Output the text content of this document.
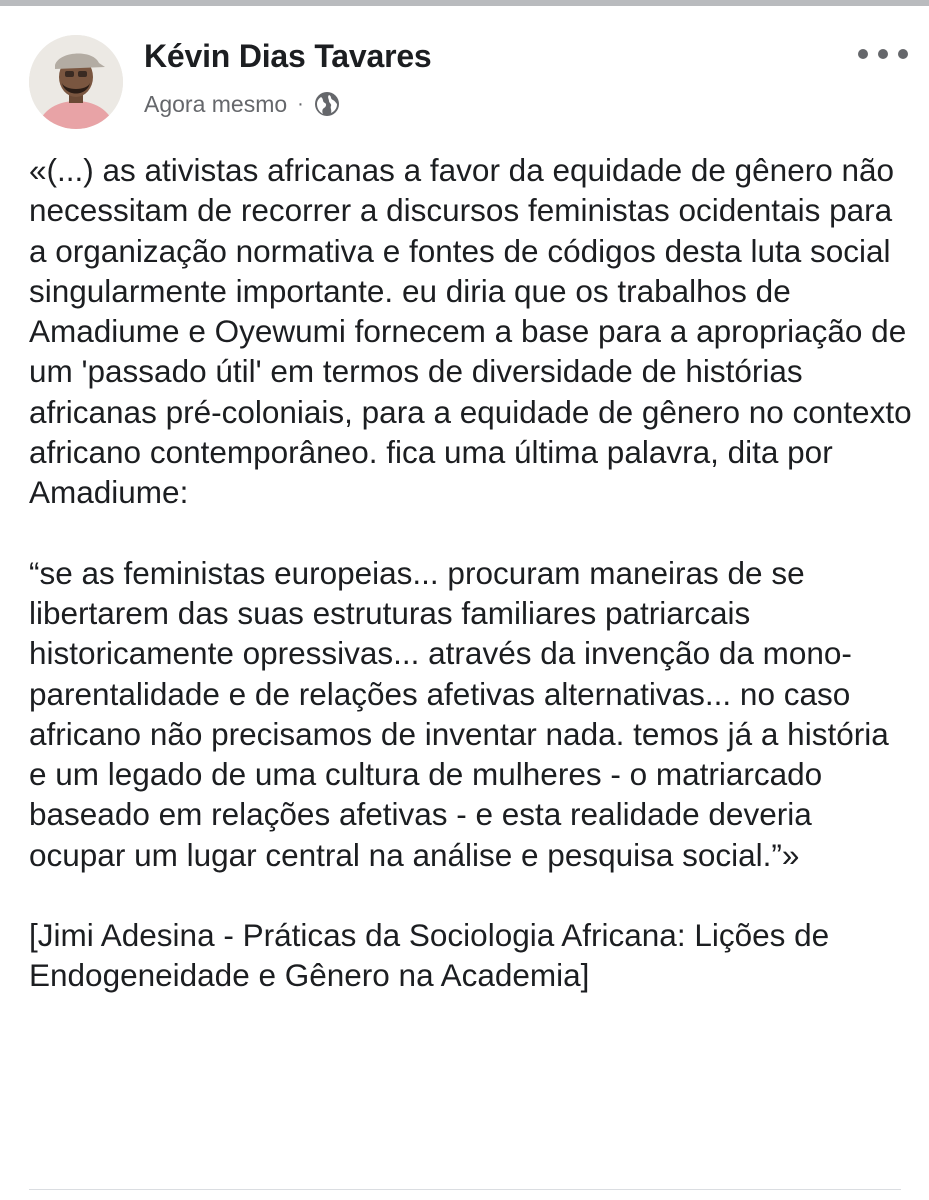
Kévin Dias Tavares
Agora mesmo ·

«(...) as ativistas africanas a favor da equidade de gênero não necessitam de recorrer a discursos feministas ocidentais para a organização normativa e fontes de códigos desta luta social singularmente importante. eu diria que os trabalhos de Amadiume e Oyewumi fornecem a base para a apropriação de um 'passado útil' em termos de diversidade de histórias africanas pré-coloniais, para a equidade de gênero no contexto africano contemporâneo. fica uma última palavra, dita por Amadiume:

“se as feministas europeias... procuram maneiras de se libertarem das suas estruturas familiares patriarcais historicamente opressivas... através da invenção da mono-parentalidade e de relações afetivas alternativas... no caso africano não precisamos de inventar nada. temos já a história e um legado de uma cultura de mulheres - o matriarcado baseado em relações afetivas - e esta realidade deveria ocupar um lugar central na análise e pesquisa social.”»

[Jimi Adesina - Práticas da Sociologia Africana: Lições de Endogeneidade e Gênero na Academia]
